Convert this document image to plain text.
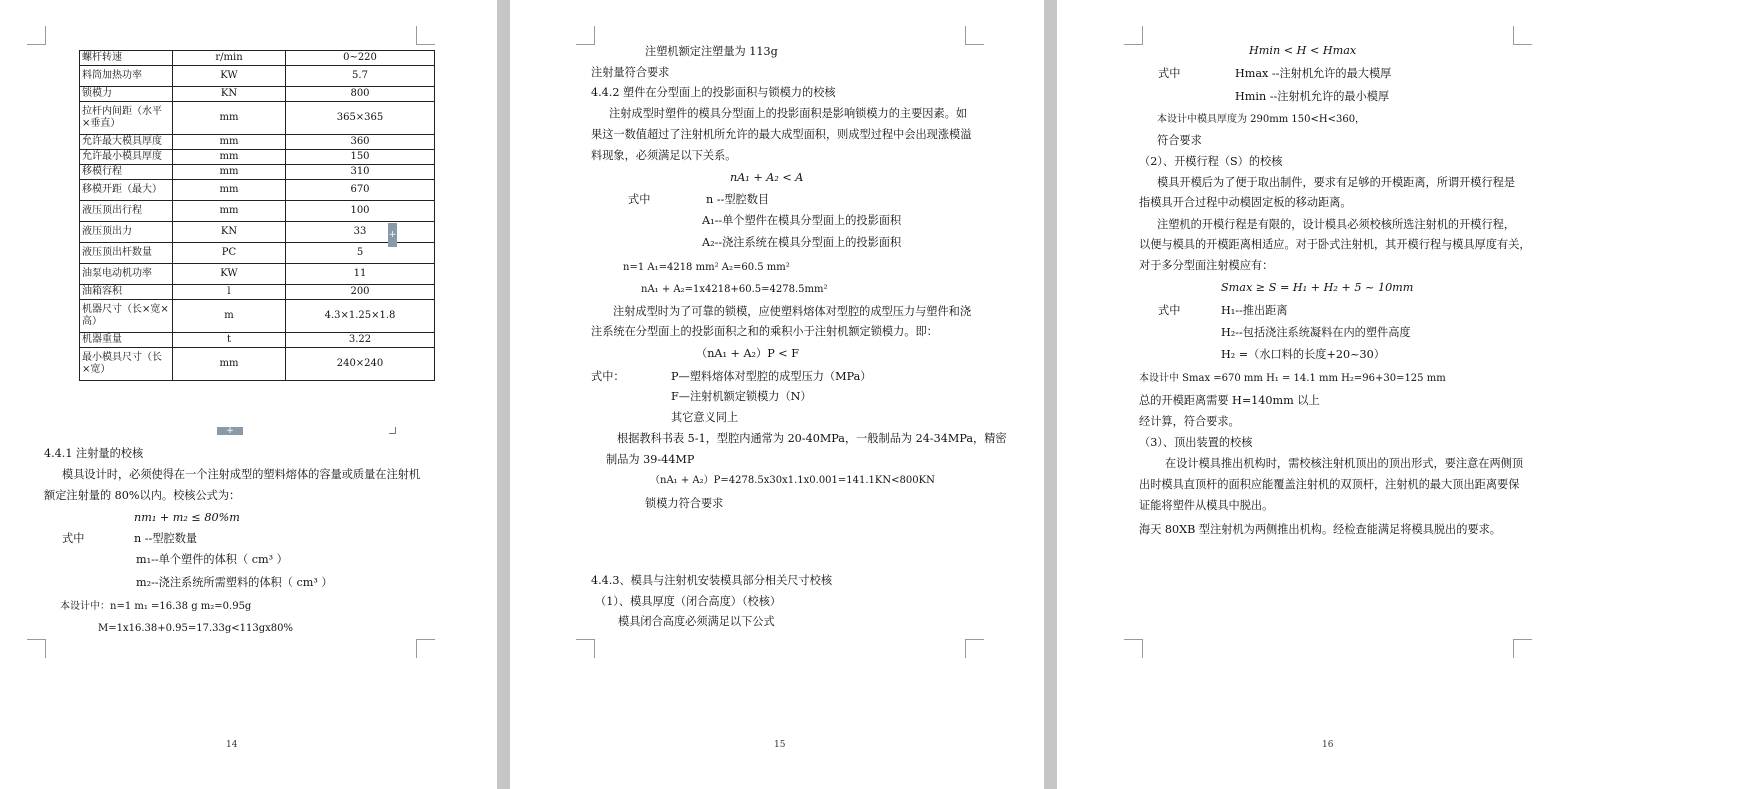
螺杆转速	r/min	0~220
料筒加热功率	KW	5.7
锁模力	KN	800
拉杆内间距（水平×垂直）	mm	365×365
允许最大模具厚度	mm	360
允许最小模具厚度	mm	150
移模行程	mm	310
移模开距（最大）	mm	670
液压顶出行程	mm	100
液压顶出力	KN	33
液压顶出杆数量	PC	5
油泵电动机功率	KW	11
油箱容积	l	200
机器尺寸（长×宽×高）	m	4.3×1.25×1.8
机器重量	t	3.22
最小模具尺寸（长×宽）	mm	240×240
+
+
4.4.1 注射量的校核
模具设计时，必须使得在一个注射成型的塑料熔体的容量或质量在注射机
额定注射量的 80%以内。校核公式为：
nm₁ + m₂ ≤ 80%m
式中	n --型腔数量
m₁--单个塑件的体积（ cm³ ）
m₂--浇注系统所需塑料的体积（ cm³ ）
本设计中：n=1 m₁ =16.38 g m₂=0.95g
M=1x16.38+0.95=17.33g<113gx80%
14
注塑机额定注塑量为 113g
注射量符合要求
4.4.2 塑件在分型面上的投影面积与锁模力的校核
注射成型时塑件的模具分型面上的投影面积是影响锁模力的主要因素。如
果这一数值超过了注射机所允许的最大成型面积，则成型过程中会出现涨模溢
料现象，必须满足以下关系。
nA₁ + A₂ < A
式中	n --型腔数目
A₁--单个塑件在模具分型面上的投影面积
A₂--浇注系统在模具分型面上的投影面积
n=1 A₁=4218 mm² A₂=60.5 mm²
nA₁ + A₂=1x4218+60.5=4278.5mm²
注射成型时为了可靠的锁模，应使塑料熔体对型腔的成型压力与塑件和浇
注系统在分型面上的投影面积之和的乘积小于注射机额定锁模力。即：
（nA₁ + A₂）P < F
式中：	P—塑料熔体对型腔的成型压力（MPa）
F—注射机额定锁模力（N）
其它意义同上
根据教科书表 5-1，型腔内通常为 20-40MPa，一般制品为 24-34MPa，精密
制品为 39-44MP
（nA₁ + A₂）P=4278.5x30x1.1x0.001=141.1KN<800KN
锁模力符合要求
4.4.3、模具与注射机安装模具部分相关尺寸校核
（1）、模具厚度（闭合高度）（校核）
模具闭合高度必须满足以下公式
15
Hmin < H < Hmax
式中	Hmax --注射机允许的最大模厚
Hmin --注射机允许的最小模厚
本设计中模具厚度为 290mm 150<H<360，
符合要求
（2）、开模行程（S）的校核
模具开模后为了便于取出制件，要求有足够的开模距离，所谓开模行程是
指模具开合过程中动模固定板的移动距离。
注塑机的开模行程是有限的，设计模具必须校核所选注射机的开模行程，
以便与模具的开模距离相适应。对于卧式注射机，其开模行程与模具厚度有关，
对于多分型面注射模应有：
Smax ≥ S = H₁ + H₂ + 5 ~ 10mm
式中	H₁--推出距离
H₂--包括浇注系统凝料在内的塑件高度
H₂ =（水口料的长度+20~30）
本设计中 Smax =670 mm H₁ = 14.1 mm H₂=96+30=125 mm
总的开模距离需要 H=140mm 以上
经计算，符合要求。
（3）、顶出装置的校核
在设计模具推出机构时，需校核注射机顶出的顶出形式，要注意在两侧顶
出时模具直顶杆的面积应能覆盖注射机的双顶杆，注射机的最大顶出距离要保
证能将塑件从模具中脱出。
海天 80XB 型注射机为两侧推出机构。经检查能满足将模具脱出的要求。
16
